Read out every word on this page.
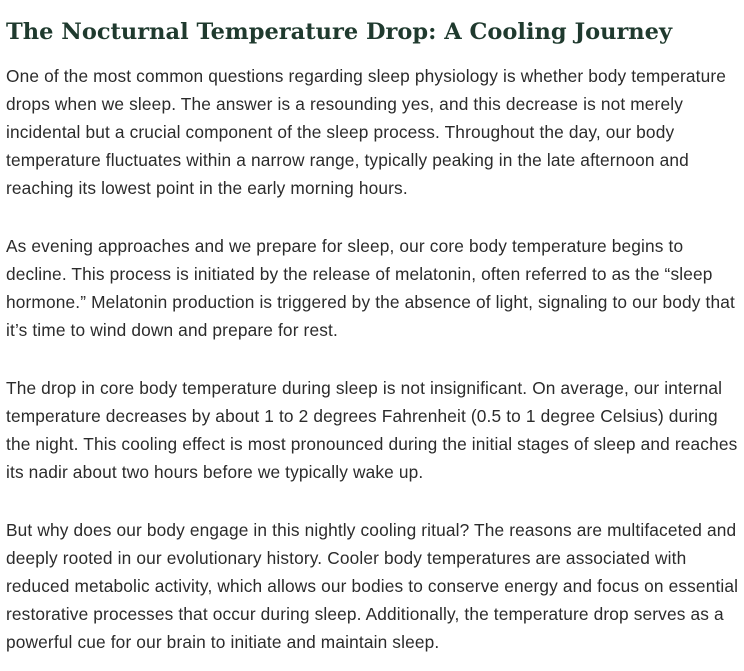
The Nocturnal Temperature Drop: A Cooling Journey

One of the most common questions regarding sleep physiology is whether body temperature drops when we sleep. The answer is a resounding yes, and this decrease is not merely incidental but a crucial component of the sleep process. Throughout the day, our body temperature fluctuates within a narrow range, typically peaking in the late afternoon and reaching its lowest point in the early morning hours.

As evening approaches and we prepare for sleep, our core body temperature begins to decline. This process is initiated by the release of melatonin, often referred to as the “sleep hormone.” Melatonin production is triggered by the absence of light, signaling to our body that it’s time to wind down and prepare for rest.

The drop in core body temperature during sleep is not insignificant. On average, our internal temperature decreases by about 1 to 2 degrees Fahrenheit (0.5 to 1 degree Celsius) during the night. This cooling effect is most pronounced during the initial stages of sleep and reaches its nadir about two hours before we typically wake up.

But why does our body engage in this nightly cooling ritual? The reasons are multifaceted and deeply rooted in our evolutionary history. Cooler body temperatures are associated with reduced metabolic activity, which allows our bodies to conserve energy and focus on essential restorative processes that occur during sleep. Additionally, the temperature drop serves as a powerful cue for our brain to initiate and maintain sleep.
